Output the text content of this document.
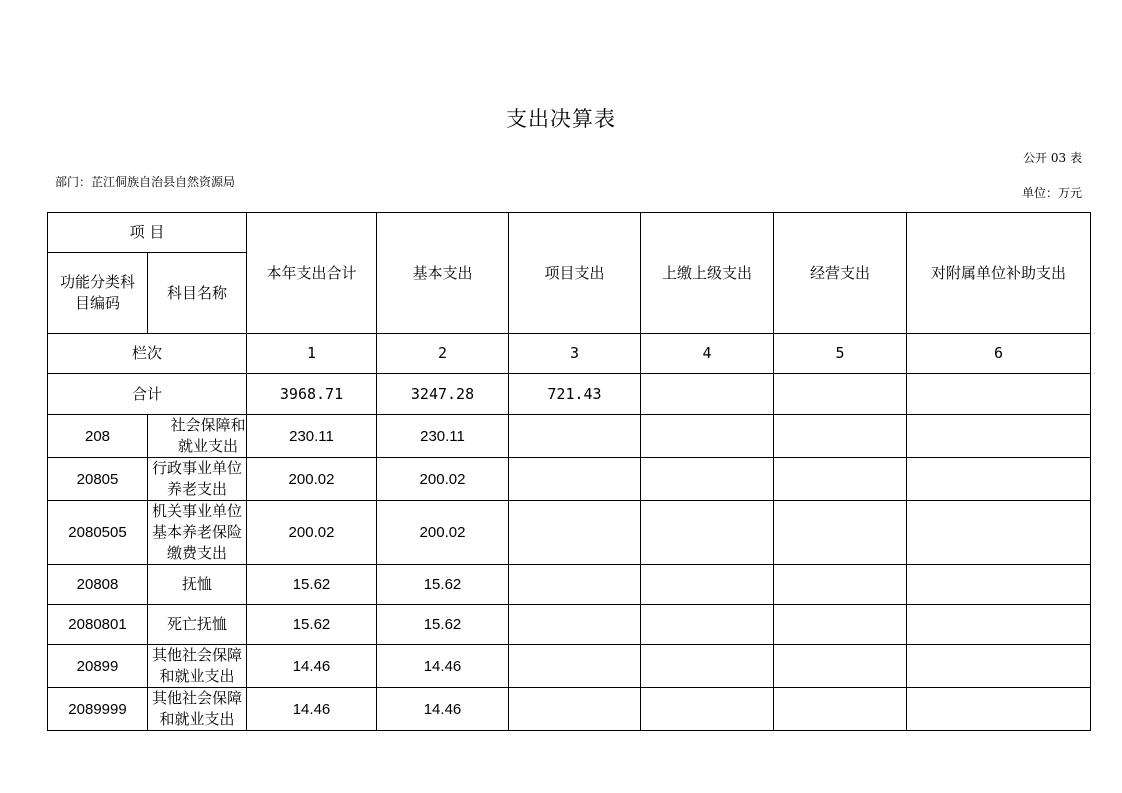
支出决算表
公开 03 表
部门：芷江侗族自治县自然资源局
单位：万元
项 目		本年支出合计	基本支出	项目支出	上缴上级支出	经营支出	对附属单位补助支出
功能分类科目编码	科目名称						
栏次		1	2	3	4	5	6
合计		3968.71	3247.28	721.43			
208	社会保障和就业支出	230.11	230.11				
20805	行政事业单位养老支出	200.02	200.02				
2080505	机关事业单位基本养老保险缴费支出	200.02	200.02				
20808	抚恤	15.62	15.62				
2080801	死亡抚恤	15.62	15.62				
20899	其他社会保障和就业支出	14.46	14.46				
2089999	其他社会保障和就业支出	14.46	14.46				
